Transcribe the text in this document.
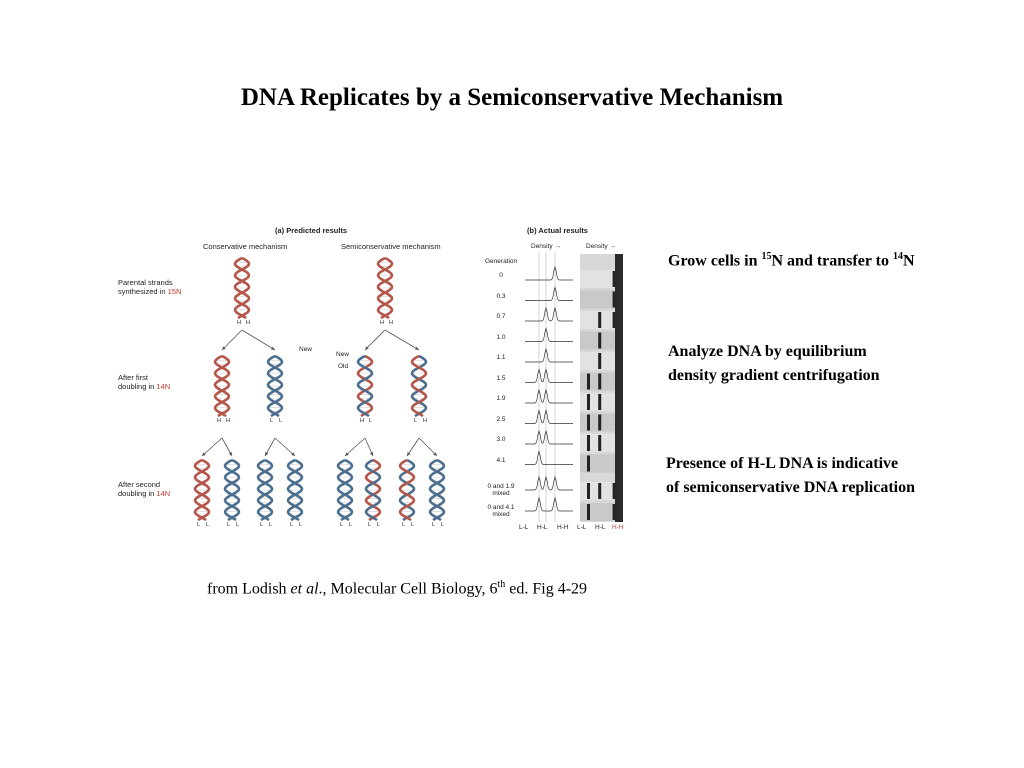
DNA Replicates by a Semiconservative Mechanism
(a) Predicted results	(b) Actual results
Conservative mechanism	Semiconservative mechanism
Parental strands
synthesized in 15N
After first
doubling in 14N
After second
doubling in 14N
New
New
Old
H H	H H
H H	L L	H L	L H
L L	L L	L L	L L	L L	L L	L L	L L
Generation
Density →	Density →
0
0.3
0.7
1.0
1.1
1.5
1.9
2.5
3.0
4.1
0 and 1.9
mixed
0 and 4.1
mixed
L-L H-L H-H L-L H-L H-H
Grow cells in $^{15}$N and transfer to $^{14}$N
Analyze DNA by equilibrium
density gradient centrifugation
Presence of H-L DNA is indicative
of semiconservative DNA replication
from Lodish et al., Molecular Cell Biology, 6th ed. Fig 4-29
